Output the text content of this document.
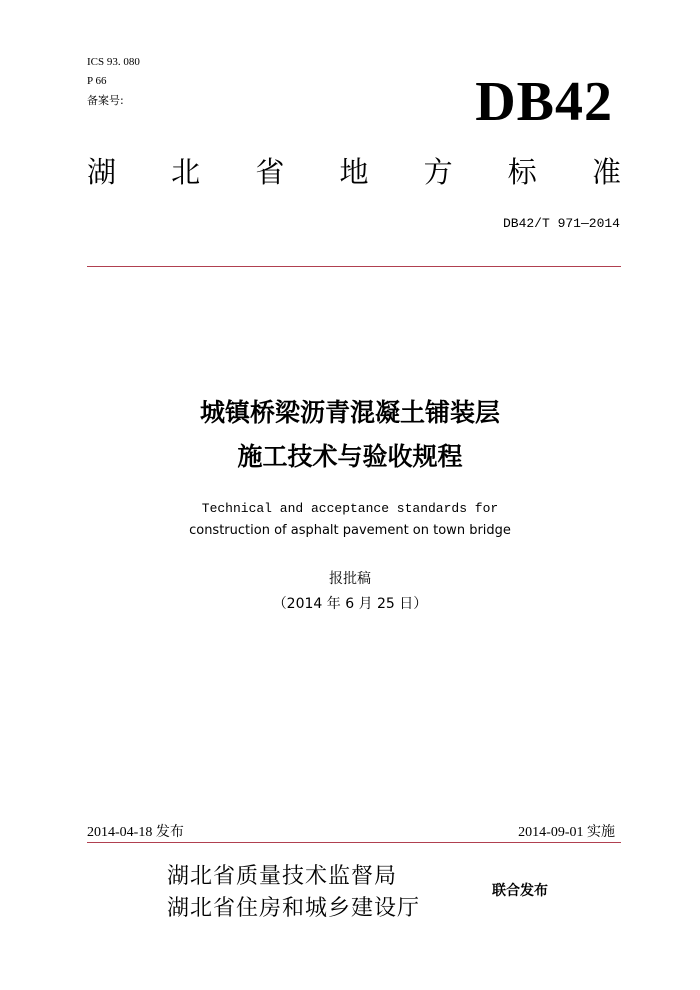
ICS 93. 080
P 66
备案号:	DB42
湖 北 省 地 方 标 准
DB42/T 971—2014
城镇桥梁沥青混凝土铺装层
施工技术与验收规程
Technical and acceptance standards for
construction of asphalt pavement on town bridge
报批稿
（2014 年 6 月 25 日）
2014-04-18 发布	2014-09-01 实施
湖北省质量技术监督局
湖北省住房和城乡建设厅
联合发布
